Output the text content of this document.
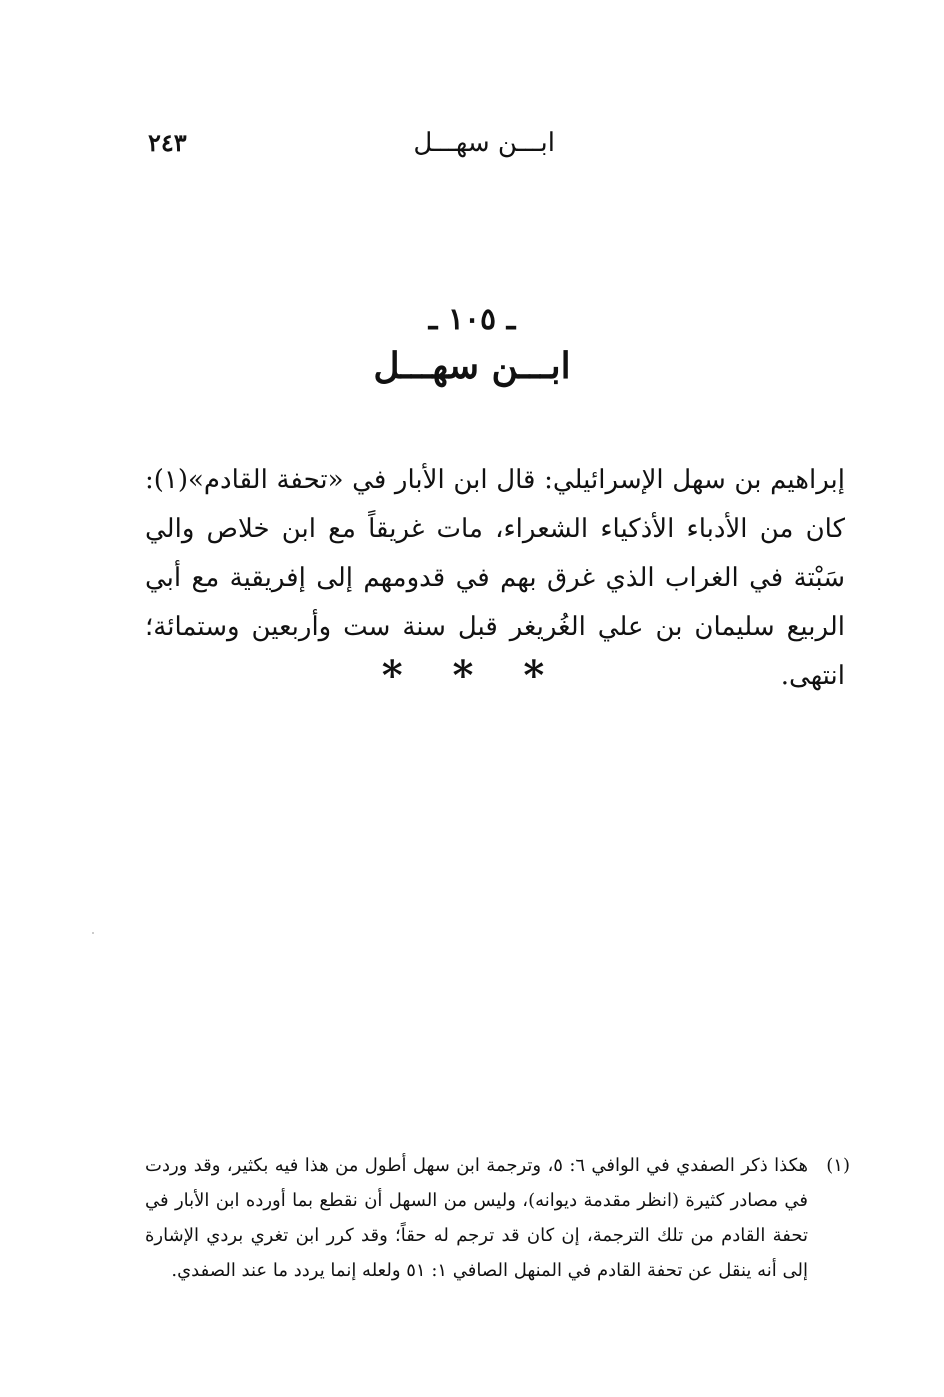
٢٤٣	ابـــن سهـــل
ـ ١٠٥ ـ
ابـــن سهـــل

إبراهيم بن سهل الإسرائيلي: قال ابن الأبار في «تحفة القادم»(١): كان من الأدباء الأذكياء الشعراء، مات غريقاً مع ابن خلاص والي سَبْتة في الغراب الذي غرق بهم في قدومهم إلى إفريقية مع أبي الربيع سليمان بن علي الغُريغر قبل سنة ست وأربعين وستمائة؛ انتهى.

* * *
(١)
هكذا ذكر الصفدي في الوافي ٦: ٥، وترجمة ابن سهل أطول من هذا فيه بكثير، وقد وردت في مصادر كثيرة (انظر مقدمة ديوانه)، وليس من السهل أن نقطع بما أورده ابن الأبار في تحفة القادم من تلك الترجمة، إن كان قد ترجم له حقاً؛ وقد كرر ابن تغري بردي الإشارة إلى أنه ينقل عن تحفة القادم في المنهل الصافي ١: ٥١ ولعله إنما يردد ما عند الصفدي.
